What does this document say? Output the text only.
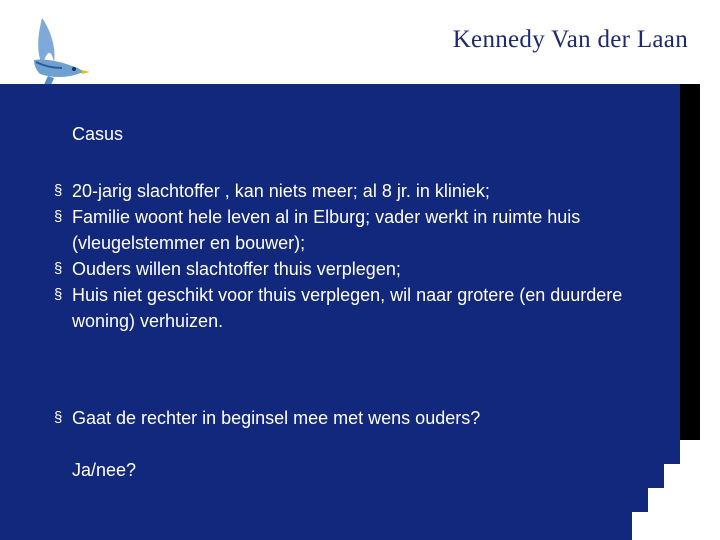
Kennedy Van der Laan
Casus
§ 20-jarig slachtoffer , kan niets meer; al 8 jr. in kliniek;
§ Familie woont hele leven al in Elburg; vader werkt in ruimte huis (vleugelstemmer en bouwer);
§ Ouders willen slachtoffer thuis verplegen;
§ Huis niet geschikt voor thuis verplegen, wil naar grotere (en duurdere woning) verhuizen.
§ Gaat de rechter in beginsel mee met wens ouders?
Ja/nee?
